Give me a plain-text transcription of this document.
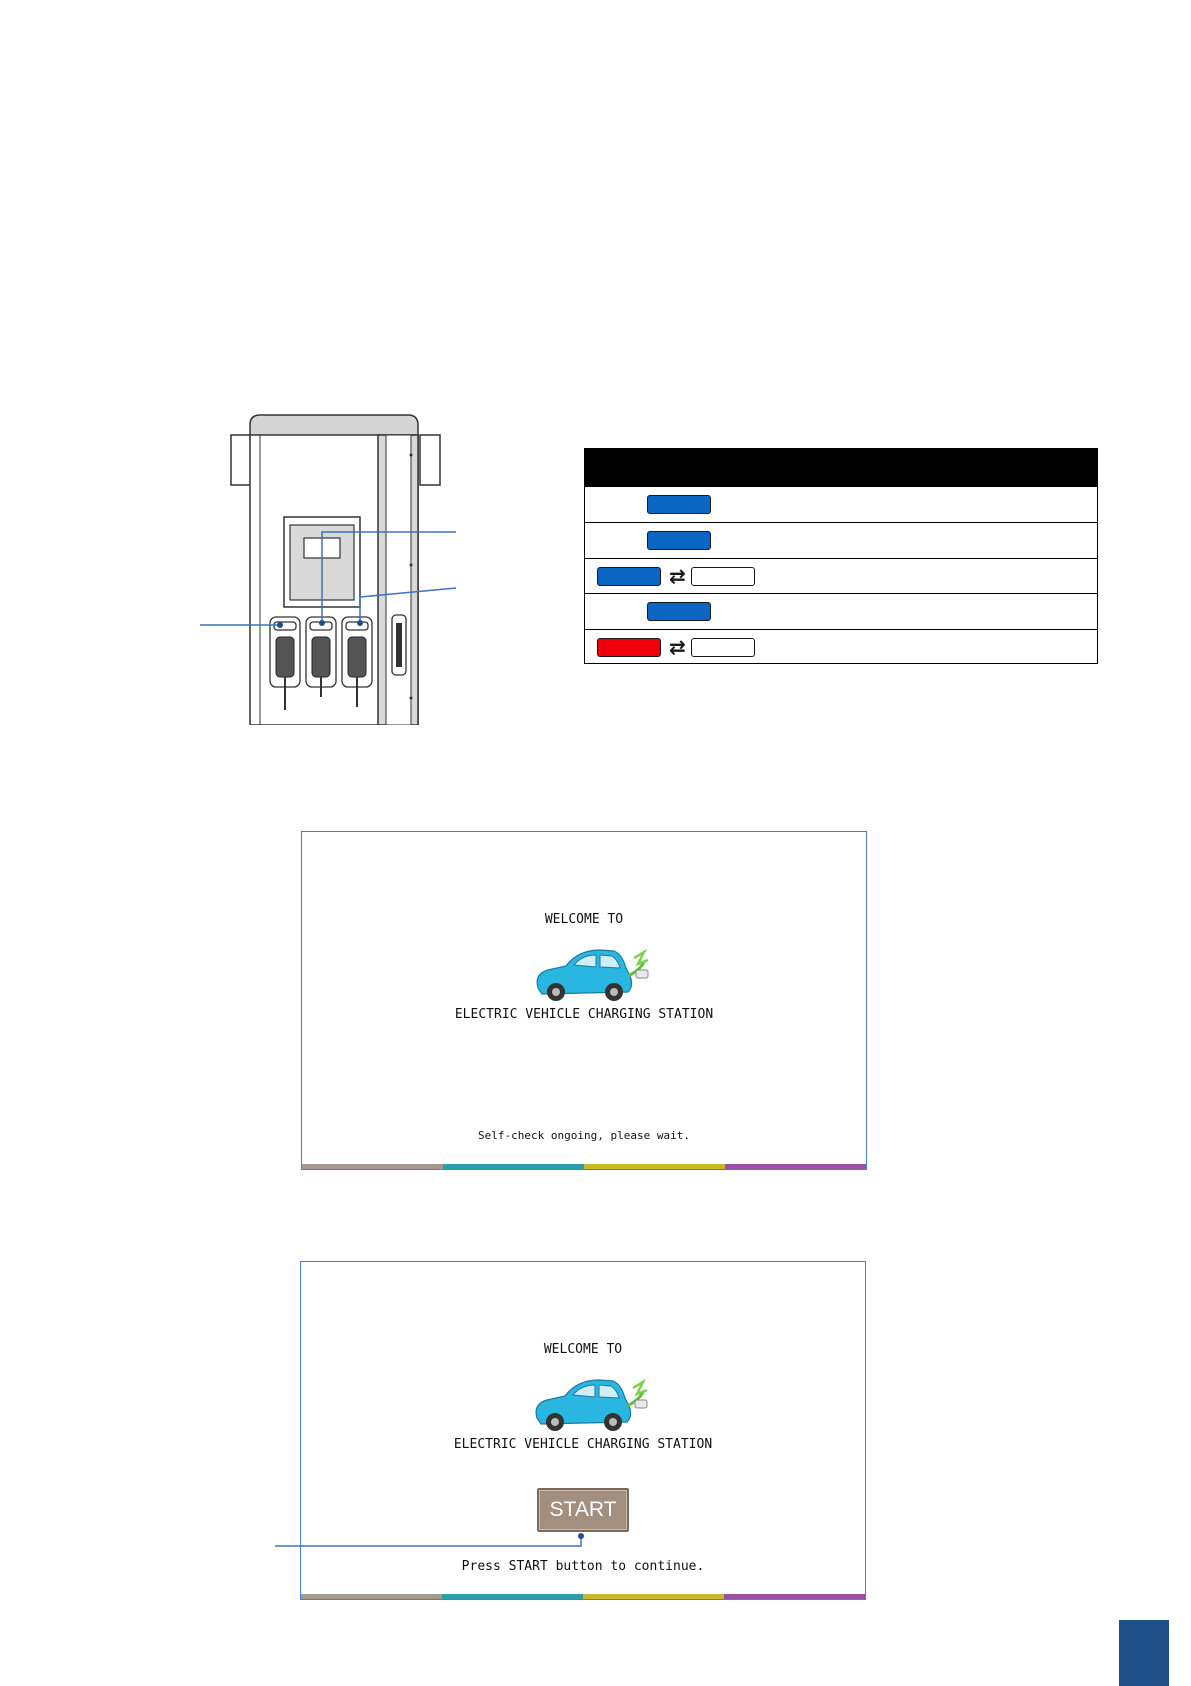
⇄
⇄
WELCOME TO
ELECTRIC VEHICLE CHARGING STATION
Self-check ongoing, please wait.
WELCOME TO
ELECTRIC VEHICLE CHARGING STATION
START
Press START button to continue.
